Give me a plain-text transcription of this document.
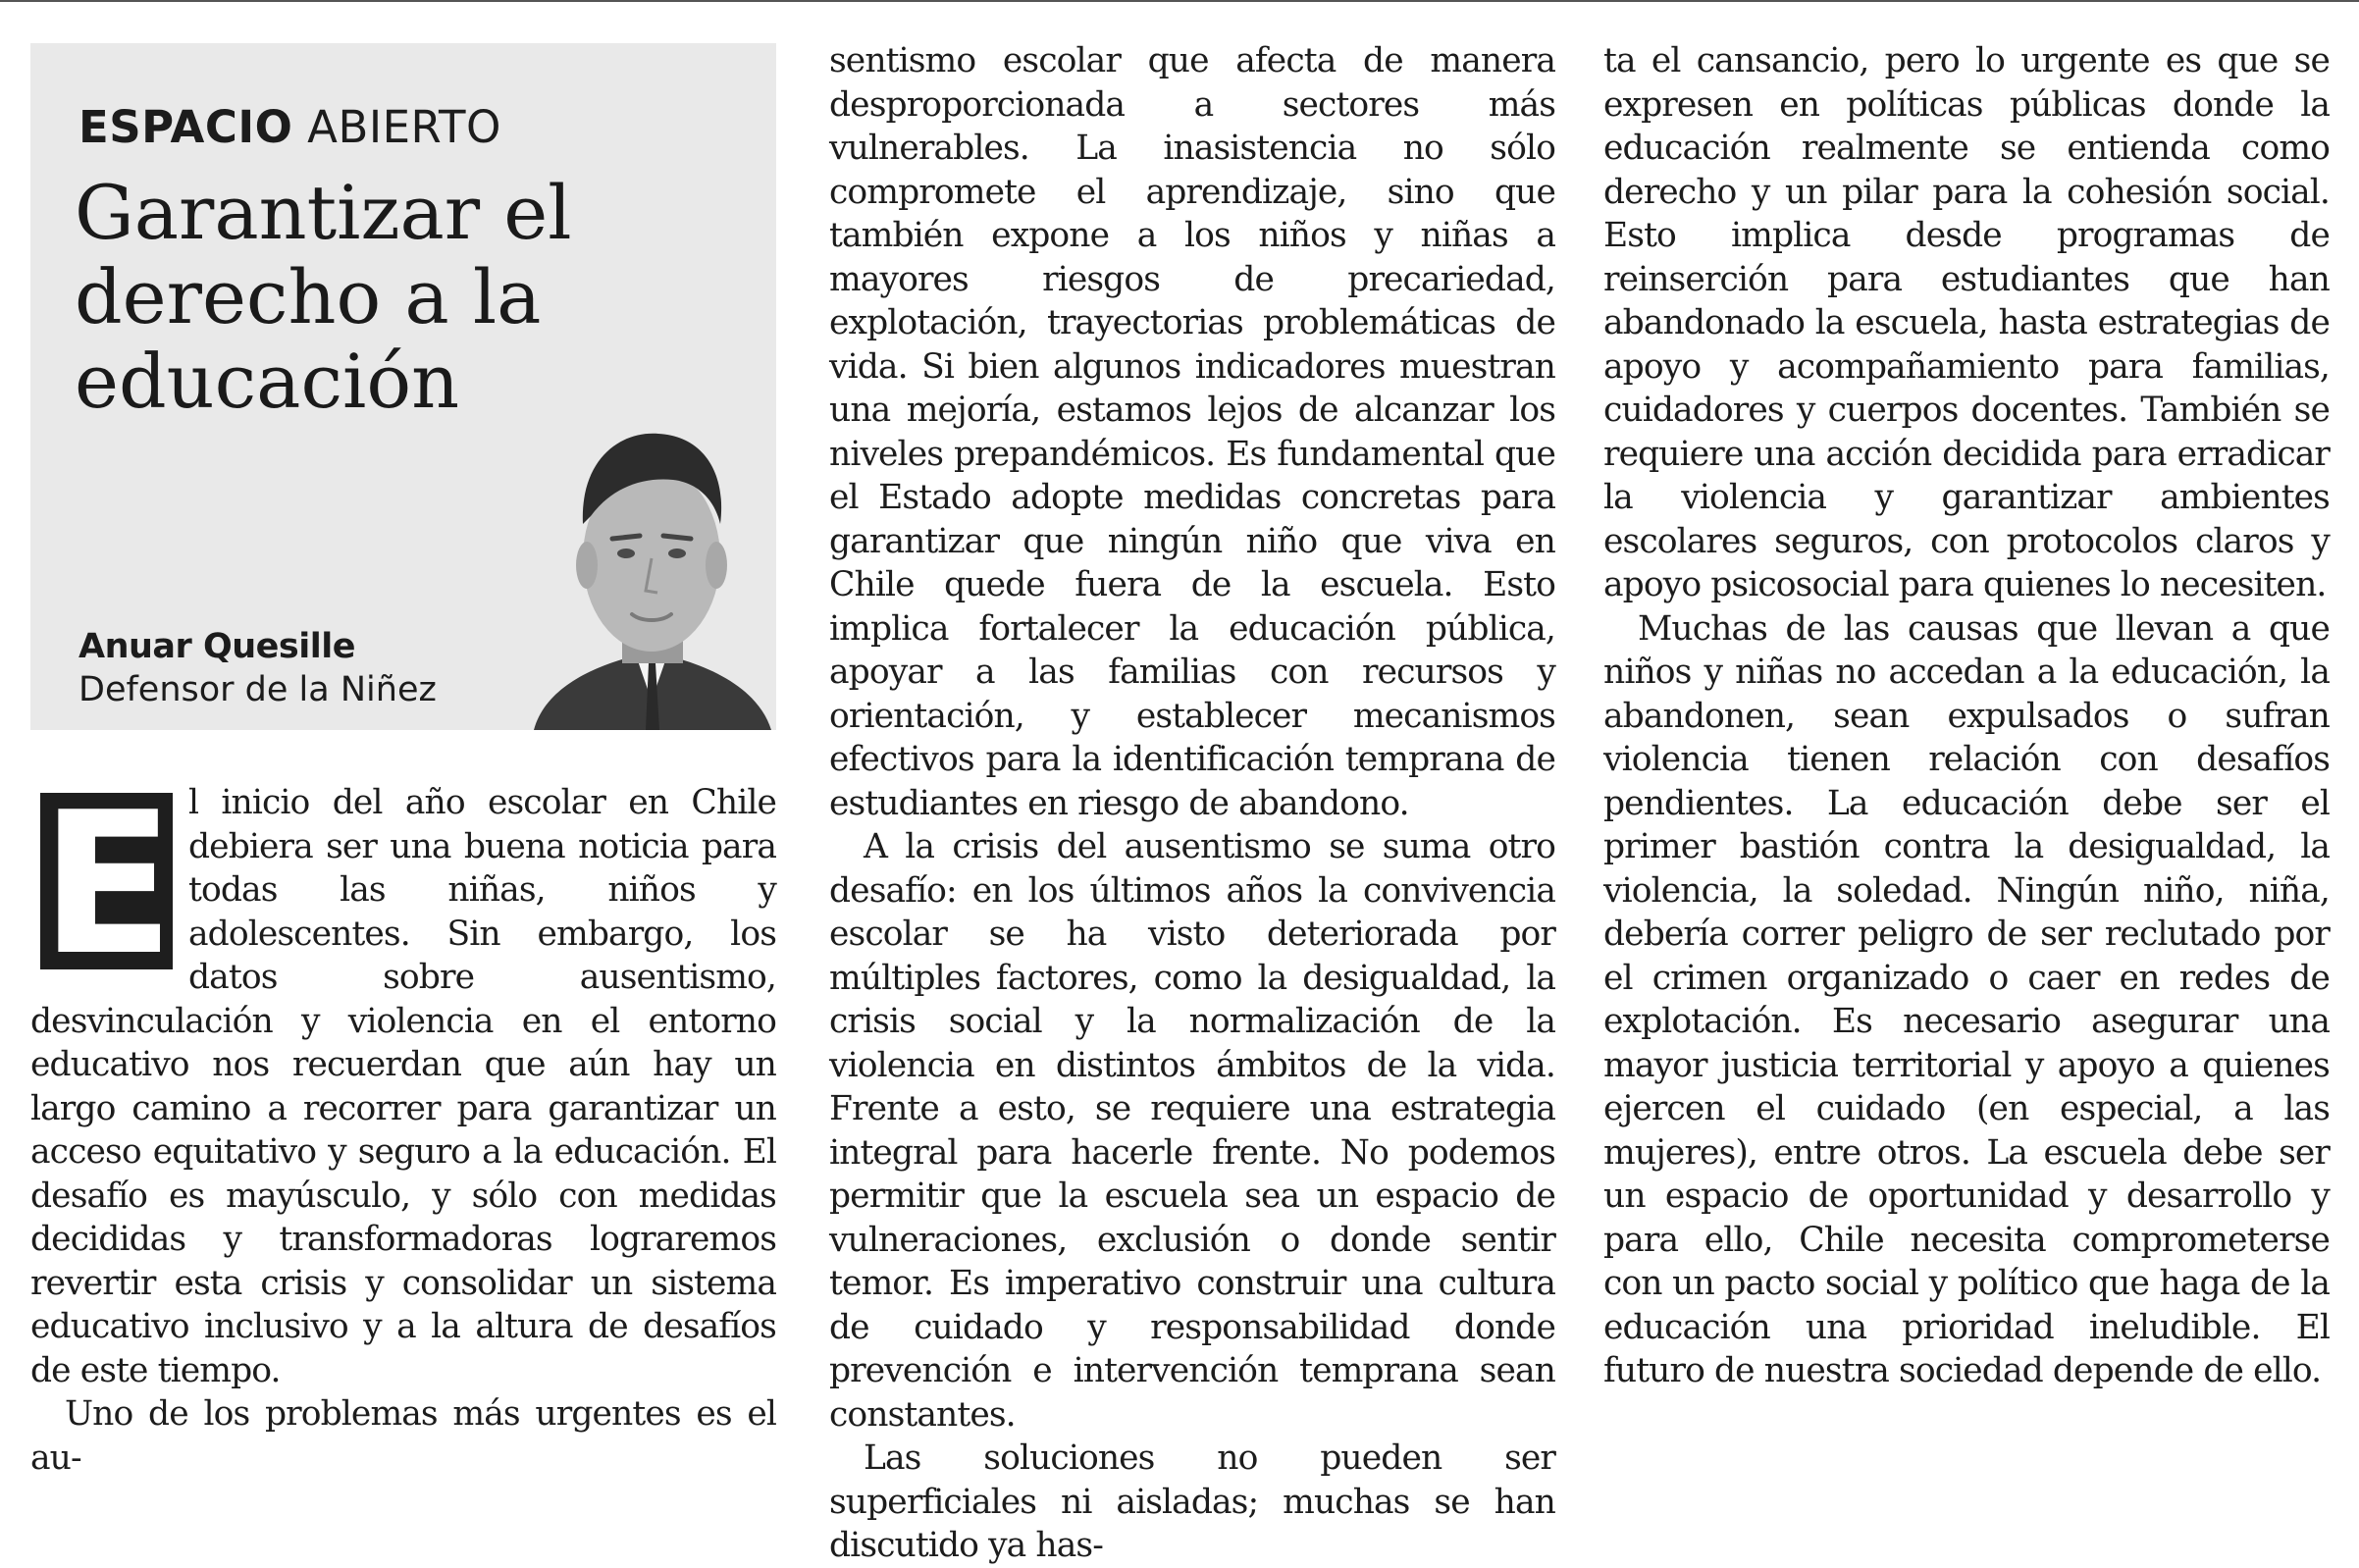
ESPACIO ABIERTO
Garantizar el
derecho a la
educación
Anuar Quesille
Defensor de la Niñez
E l inicio del año escolar en Chile debiera ser una buena noticia para todas las niñas, niños y adolescentes. Sin embargo, los datos sobre ausentismo, desvinculación y violencia en el entorno educativo nos recuerdan que aún hay un largo camino a recorrer para garantizar un acceso equitativo y seguro a la educación. El desafío es mayúsculo, y sólo con medidas decididas y transformadoras lograremos revertir esta crisis y consolidar un sistema educativo inclusivo y a la altura de desafíos de este tiempo.

Uno de los problemas más urgentes es el au-

sentismo escolar que afecta de manera desproporcionada a sectores más vulnerables. La inasistencia no sólo compromete el aprendizaje, sino que también expone a los niños y niñas a mayores riesgos de precariedad, explotación, trayectorias problemáticas de vida. Si bien algunos indicadores muestran una mejoría, estamos lejos de alcanzar los niveles prepandémicos. Es fundamental que el Estado adopte medidas concretas para garantizar que ningún niño que viva en Chile quede fuera de la escuela. Esto implica fortalecer la educación pública, apoyar a las familias con recursos y orientación, y establecer mecanismos efectivos para la identificación temprana de estudiantes en riesgo de abandono.

A la crisis del ausentismo se suma otro desafío: en los últimos años la convivencia escolar se ha visto deteriorada por múltiples factores, como la desigualdad, la crisis social y la normalización de la violencia en distintos ámbitos de la vida. Frente a esto, se requiere una estrategia integral para hacerle frente. No podemos permitir que la escuela sea un espacio de vulneraciones, exclusión o donde sentir temor. Es imperativo construir una cultura de cuidado y responsabilidad donde prevención e intervención temprana sean constantes.

Las soluciones no pueden ser superficiales ni aisladas; muchas se han discutido ya has-

ta el cansancio, pero lo urgente es que se expresen en políticas públicas donde la educación realmente se entienda como derecho y un pilar para la cohesión social. Esto implica desde programas de reinserción para estudiantes que han abandonado la escuela, hasta estrategias de apoyo y acompañamiento para familias, cuidadores y cuerpos docentes. También se requiere una acción decidida para erradicar la violencia y garantizar ambientes escolares seguros, con protocolos claros y apoyo psicosocial para quienes lo necesiten.

Muchas de las causas que llevan a que niños y niñas no accedan a la educación, la abandonen, sean expulsados o sufran violencia tienen relación con desafíos pendientes. La educación debe ser el primer bastión contra la desigualdad, la violencia, la soledad. Ningún niño, niña, debería correr peligro de ser reclutado por el crimen organizado o caer en redes de explotación. Es necesario asegurar una mayor justicia territorial y apoyo a quienes ejercen el cuidado (en especial, a las mujeres), entre otros. La escuela debe ser un espacio de oportunidad y desarrollo y para ello, Chile necesita comprometerse con un pacto social y político que haga de la educación una prioridad ineludible. El futuro de nuestra sociedad depende de ello.
